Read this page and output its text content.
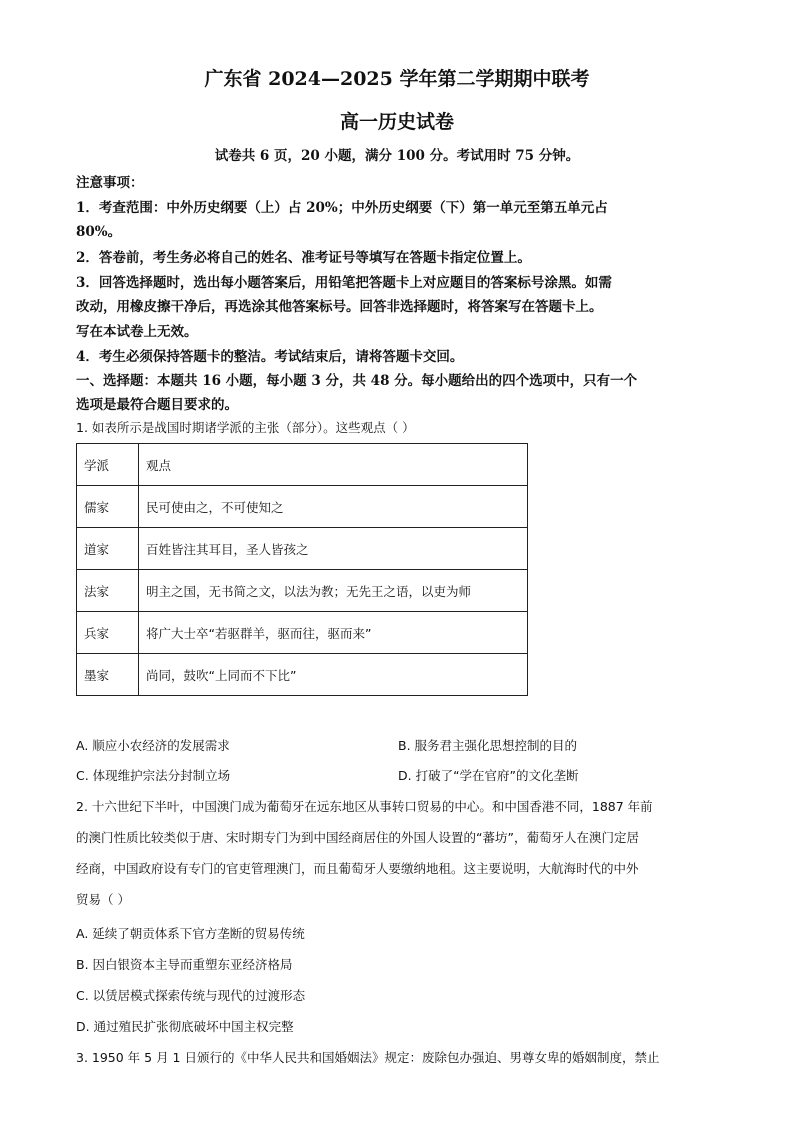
广东省 2024—2025 学年第二学期期中联考
高一历史试卷
试卷共 6 页，20 小题，满分 100 分。考试用时 75 分钟。
注意事项：
1．考查范围：中外历史纲要（上）占 20%；中外历史纲要（下）第一单元至第五单元占
80%。
2．答卷前，考生务必将自己的姓名、准考证号等填写在答题卡指定位置上。
3．回答选择题时，选出每小题答案后，用铅笔把答题卡上对应题目的答案标号涂黑。如需
改动，用橡皮擦干净后，再选涂其他答案标号。回答非选择题时，将答案写在答题卡上。
写在本试卷上无效。
4．考生必须保持答题卡的整洁。考试结束后，请将答题卡交回。
一、选择题：本题共 16 小题，每小题 3 分，共 48 分。每小题给出的四个选项中，只有一个
选项是最符合题目要求的。
1. 如表所示是战国时期诸学派的主张（部分）。这些观点（ ）
学派	观点
儒家	民可使由之，不可使知之
道家	百姓皆注其耳目，圣人皆孩之
法家	明主之国，无书简之文，以法为教；无先王之语，以吏为师
兵家	将广大士卒“若驱群羊，驱而往，驱而来”
墨家	尚同，鼓吹“上同而不下比”
A. 顺应小农经济的发展需求	B. 服务君主强化思想控制的目的
C. 体现维护宗法分封制立场	D. 打破了“学在官府”的文化垄断
2. 十六世纪下半叶，中国澳门成为葡萄牙在远东地区从事转口贸易的中心。和中国香港不同，1887 年前
的澳门性质比较类似于唐、宋时期专门为到中国经商居住的外国人设置的“蕃坊”，葡萄牙人在澳门定居
经商，中国政府设有专门的官吏管理澳门，而且葡萄牙人要缴纳地租。这主要说明，大航海时代的中外
贸易（ ）
A. 延续了朝贡体系下官方垄断的贸易传统
B. 因白银资本主导而重塑东亚经济格局
C. 以赁居模式探索传统与现代的过渡形态
D. 通过殖民扩张彻底破坏中国主权完整
3. 1950 年 5 月 1 日颁行的《中华人民共和国婚姻法》规定：废除包办强迫、男尊女卑的婚姻制度，禁止
